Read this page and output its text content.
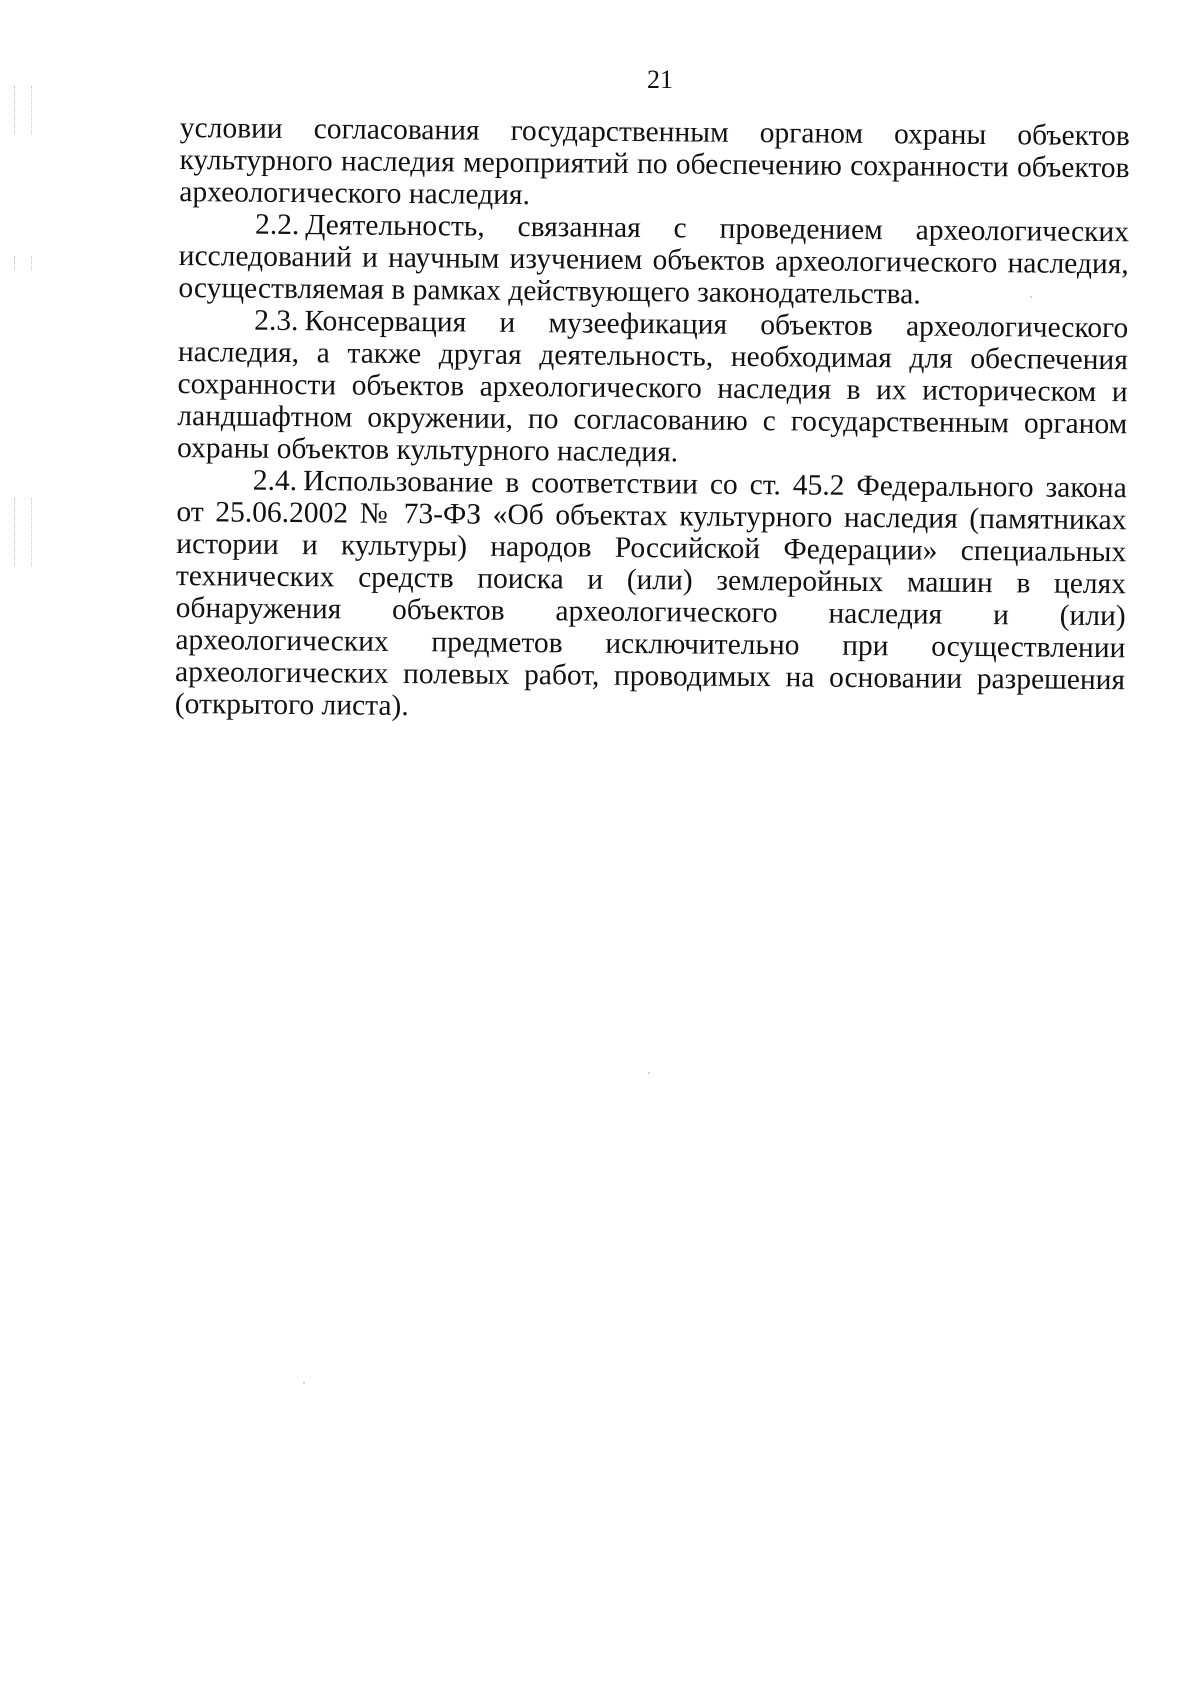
21

условии согласования государственным органом охраны объектов культурного наследия мероприятий по обеспечению сохранности объектов археологического наследия.

2.2. Деятельность, связанная с проведением археологических исследований и научным изучением объектов археологического наследия, осуществляемая в рамках действующего законодательства.

2.3. Консервация и музеефикация объектов археологического наследия, а также другая деятельность, необходимая для обеспечения сохранности объектов археологического наследия в их историческом и ландшафтном окружении, по согласованию с государственным органом охраны объектов культурного наследия.

2.4. Использование в соответствии со ст. 45.2 Федерального закона от 25.06.2002 № 73-ФЗ «Об объектах культурного наследия (памятниках истории и культуры) народов Российской Федерации» специальных технических средств поиска и (или) землеройных машин в целях обнаружения объектов археологического наследия и (или) археологических предметов исключительно при осуществлении археологических полевых работ, проводимых на основании разрешения (открытого листа).
